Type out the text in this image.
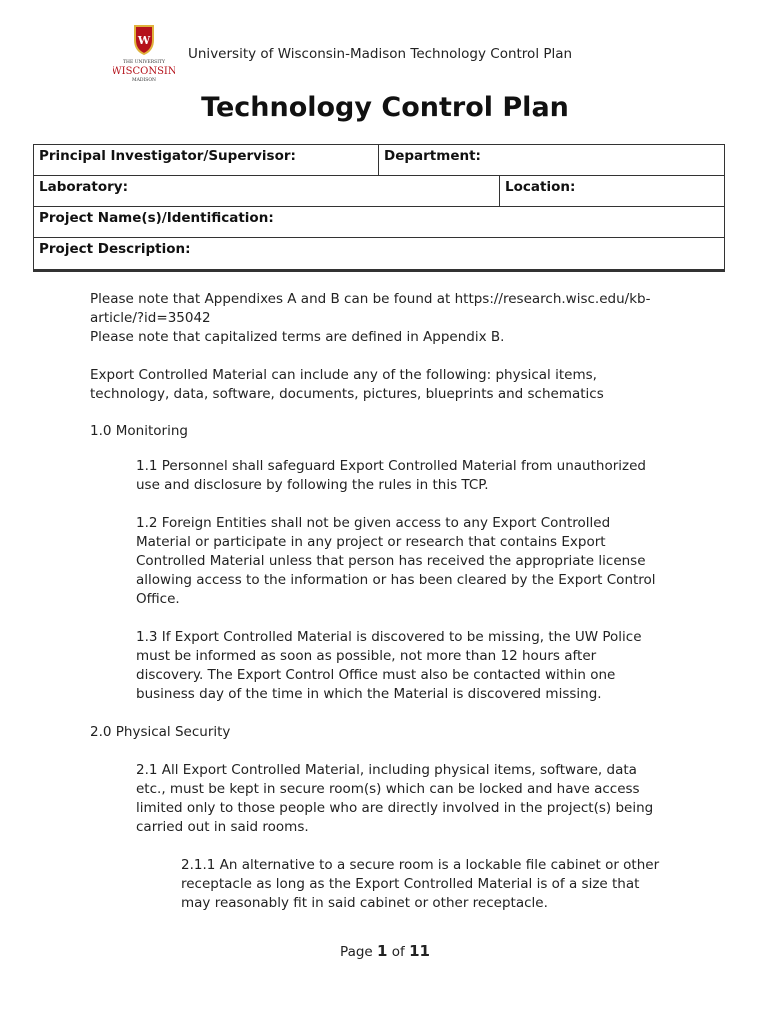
W
THE UNIVERSITY
WISCONSIN
MADISON
University of Wisconsin-Madison Technology Control Plan
Technology Control Plan
Principal Investigator/Supervisor:	Department:
Laboratory:	Location:
Project Name(s)/Identification:
Project Description:
Please note that Appendixes A and B can be found at https://research.wisc.edu/kb-
article/?id=35042
Please note that capitalized terms are defined in Appendix B.
Export Controlled Material can include any of the following: physical items,
technology, data, software, documents, pictures, blueprints and schematics
1.0 Monitoring
1.1 Personnel shall safeguard Export Controlled Material from unauthorized
use and disclosure by following the rules in this TCP.
1.2 Foreign Entities shall not be given access to any Export Controlled
Material or participate in any project or research that contains Export
Controlled Material unless that person has received the appropriate license
allowing access to the information or has been cleared by the Export Control
Office.
1.3 If Export Controlled Material is discovered to be missing, the UW Police
must be informed as soon as possible, not more than 12 hours after
discovery. The Export Control Office must also be contacted within one
business day of the time in which the Material is discovered missing.
2.0 Physical Security
2.1 All Export Controlled Material, including physical items, software, data
etc., must be kept in secure room(s) which can be locked and have access
limited only to those people who are directly involved in the project(s) being
carried out in said rooms.
2.1.1 An alternative to a secure room is a lockable file cabinet or other
receptacle as long as the Export Controlled Material is of a size that
may reasonably fit in said cabinet or other receptacle.
Page 1 of 11
